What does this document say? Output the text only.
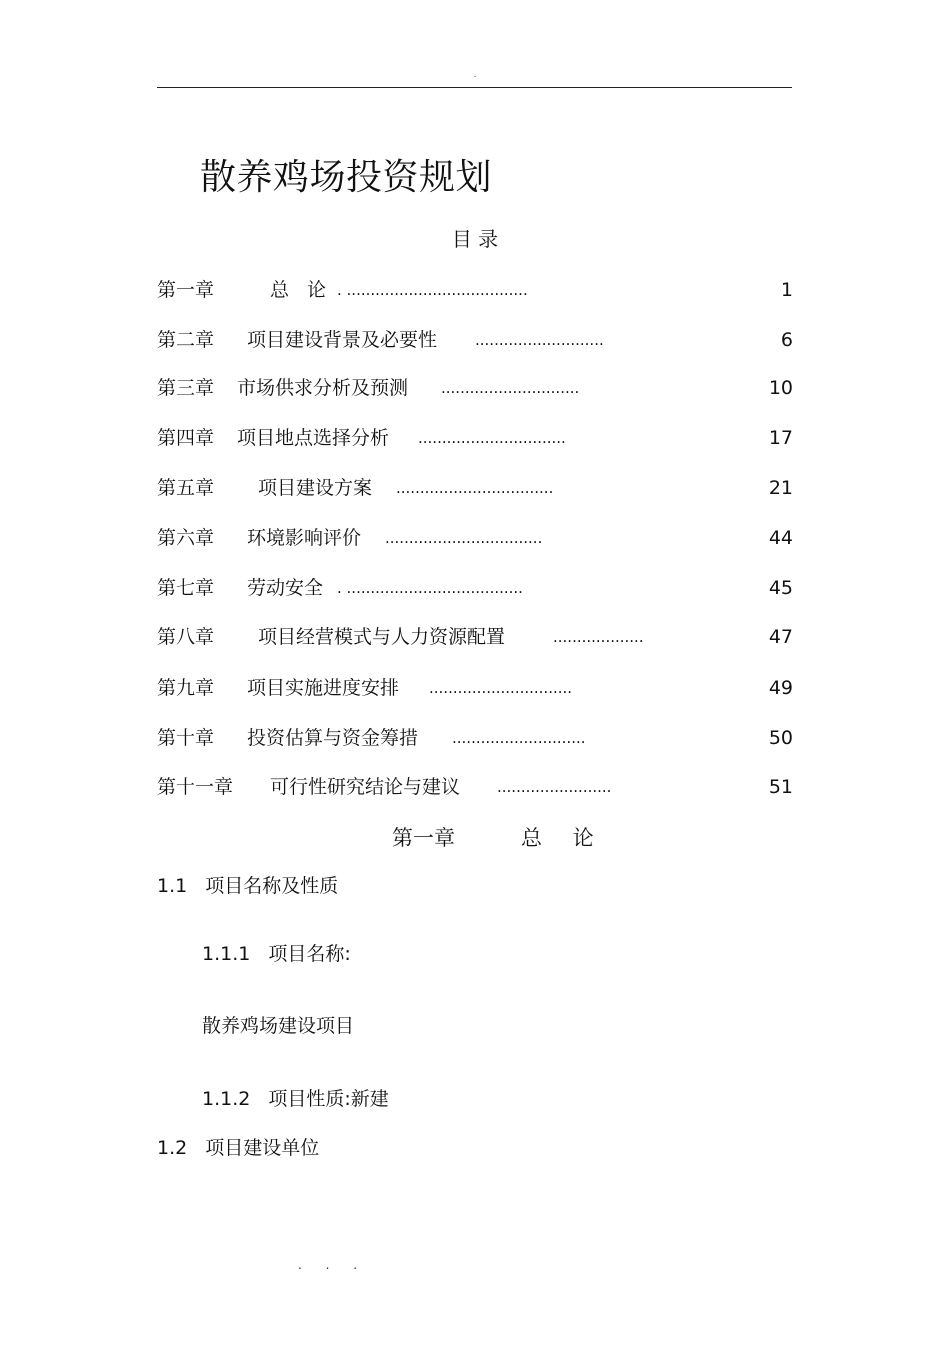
.
散养鸡场投资规划
目 录
第一章	总 论 . ......................................	1
第二章 项目建设背景及必要性	...........................	6
第三章 市场供求分析及预测 .............................	10
第四章 项目地点选择分析 ...............................	17
第五章 项目建设方案 .................................	21
第六章 环境影响评价 .................................	44
第七章 劳动安全 . .....................................	45
第八章 项目经营模式与人力资源配置	...................	47
第九章 项目实施进度安排 ..............................	49
第十章 投资估算与资金筹措 ............................	50
第十一章 可行性研究结论与建议 ........................	51
第一章	总 论
1.1 项目名称及性质
1.1.1 项目名称:
散养鸡场建设项目
1.1.2 项目性质:新建
1.2 项目建设单位
. . .
